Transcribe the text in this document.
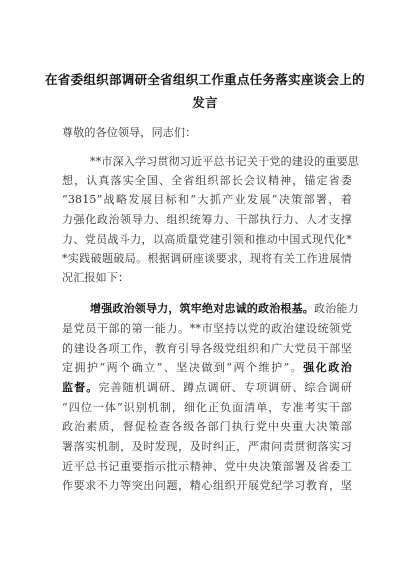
在省委组织部调研全省组织工作重点任务落实座谈会上的
发言
尊敬的各位领导，同志们：
**市深入学习贯彻习近平总书记关于党的建设的重要思
想，认真落实全国、全省组织部长会议精神，锚定省委
“3815”战略发展目标和“大抓产业发展”决策部署，着
力强化政治领导力、组织统筹力、干部执行力、人才支撑
力、党员战斗力，以高质量党建引领和推动中国式现代化*
*实践破题破局。根据调研座谈要求，现将有关工作进展情
况汇报如下：
增强政治领导力，筑牢绝对忠诚的政治根基。政治能力
是党员干部的第一能力。**市坚持以党的政治建设统领党
的建设各项工作，教育引导各级党组织和广大党员干部坚
定拥护“两个确立”、坚决做到“两个维护”。强化政治
监督。完善随机调研、蹲点调研、专项调研、综合调研
“四位一体”识别机制，细化正负面清单，专准考实干部
政治素质，督促检查各级各部门执行党中央重大决策部
署落实机制，及时发现，及时纠正，严肃问责贯彻落实习
近平总书记重要指示批示精神、党中央决策部署及省委工
作要求不力等突出问题，精心组织开展党纪学习教育，坚
